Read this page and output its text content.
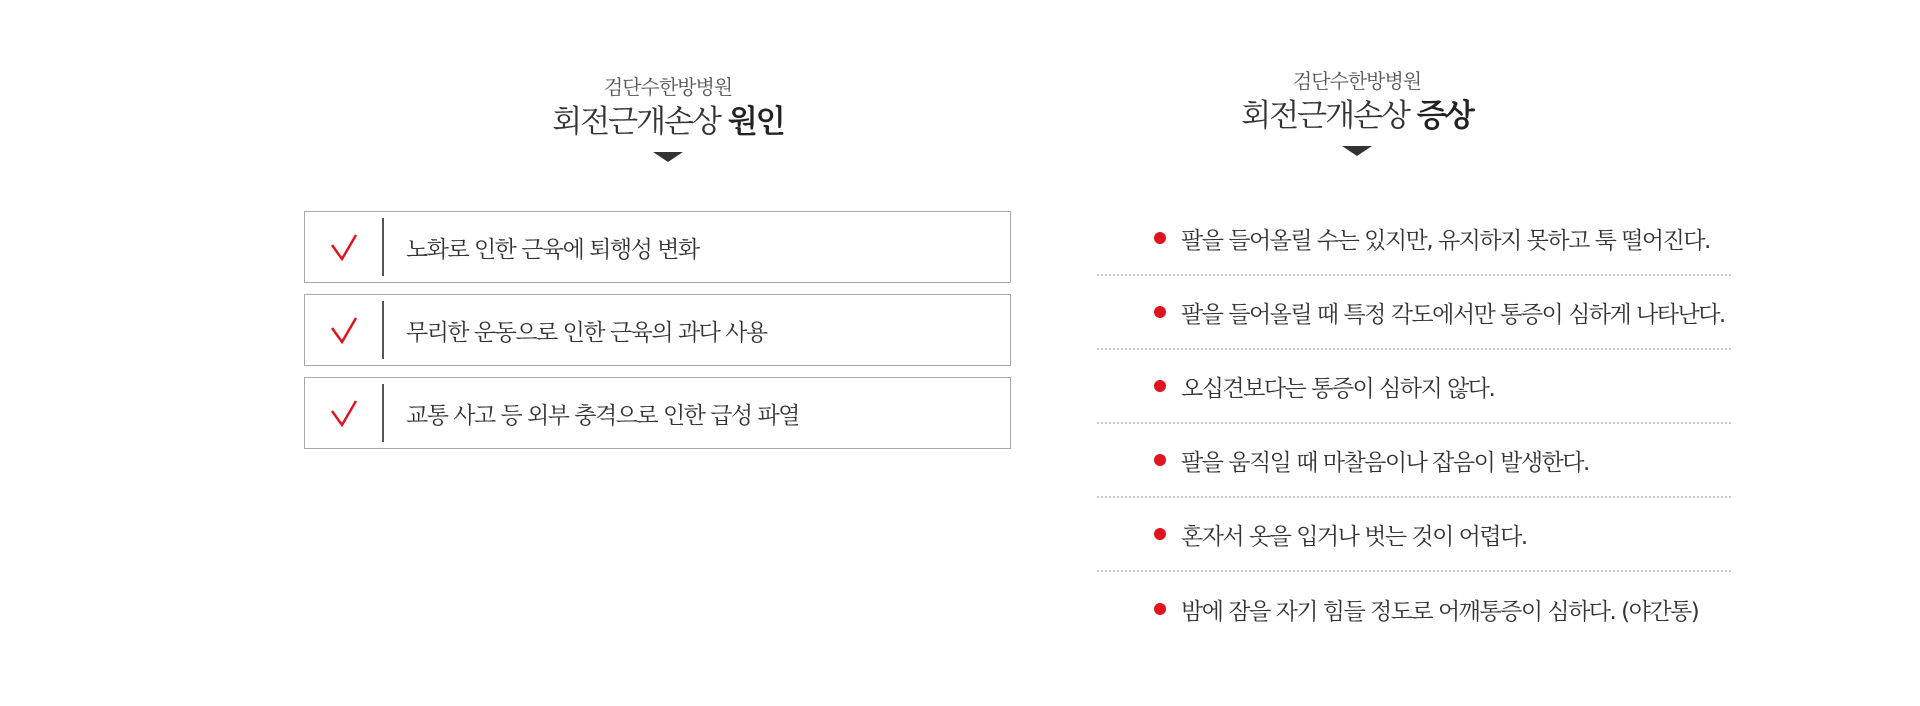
검단수한방병원
회전근개손상 원인
검단수한방병원
회전근개손상 증상
노화로 인한 근육에 퇴행성 변화
무리한 운동으로 인한 근육의 과다 사용
교통 사고 등 외부 충격으로 인한 급성 파열
팔을 들어올릴 수는 있지만, 유지하지 못하고 툭 떨어진다.
팔을 들어올릴 때 특정 각도에서만 통증이 심하게 나타난다.
오십견보다는 통증이 심하지 않다.
팔을 움직일 때 마찰음이나 잡음이 발생한다.
혼자서 옷을 입거나 벗는 것이 어렵다.
밤에 잠을 자기 힘들 정도로 어깨통증이 심하다. (야간통)
